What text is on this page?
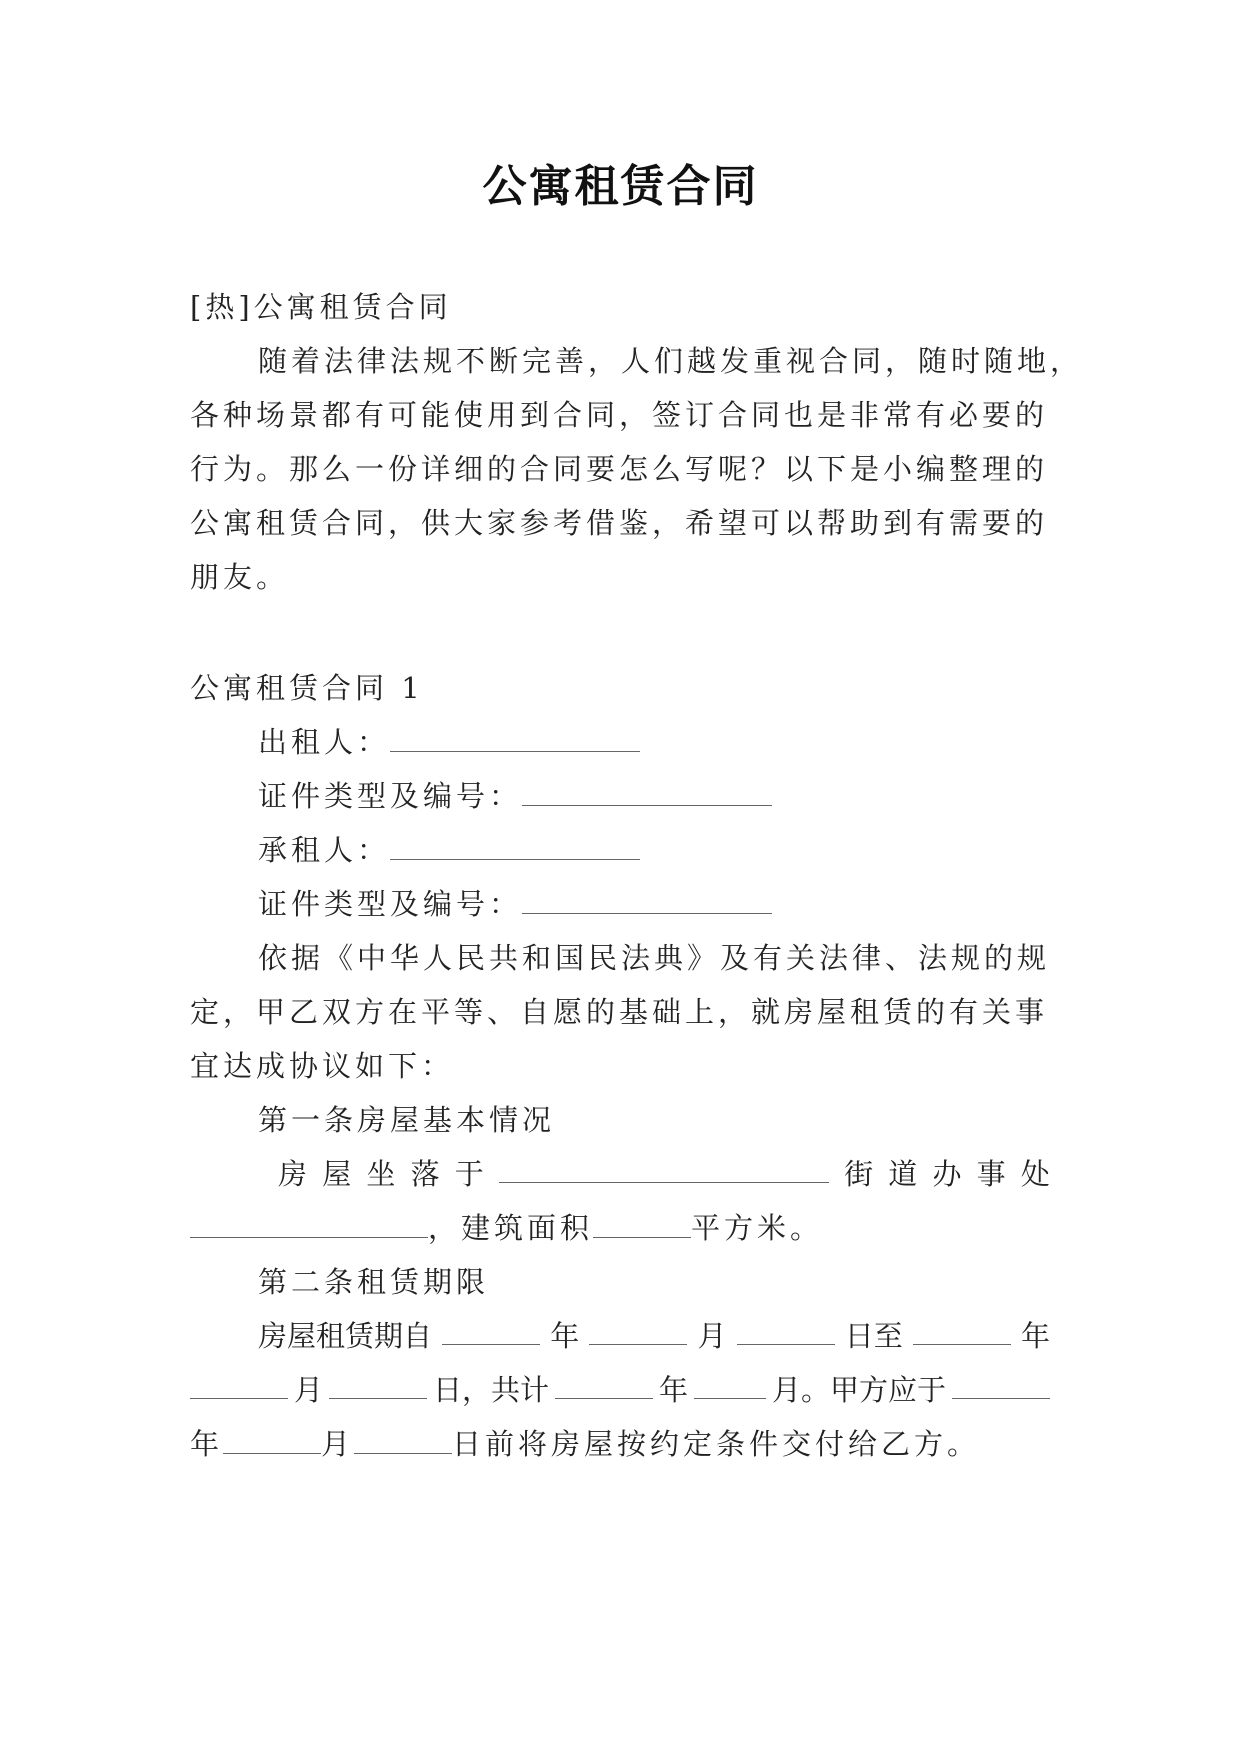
公寓租赁合同
[热]公寓租赁合同
随着法律法规不断完善，人们越发重视合同，随时随地，
各种场景都有可能使用到合同，签订合同也是非常有必要的
行为。那么一份详细的合同要怎么写呢？以下是小编整理的
公寓租赁合同，供大家参考借鉴，希望可以帮助到有需要的
朋友。
公寓租赁合同 1
出租人：
证件类型及编号：
承租人：
证件类型及编号：
依据《中华人民共和国民法典》及有关法律、法规的规
定，甲乙双方在平等、自愿的基础上，就房屋租赁的有关事
宜达成协议如下：
第一条房屋基本情况
房 屋 坐 落 于	街 道 办 事 处
，建筑面积	平方米。
第二条租赁期限
房屋租赁期自	年	月	日至	年
月	日，共计	年	月。甲方应于
年	月	日前将房屋按约定条件交付给乙方。
